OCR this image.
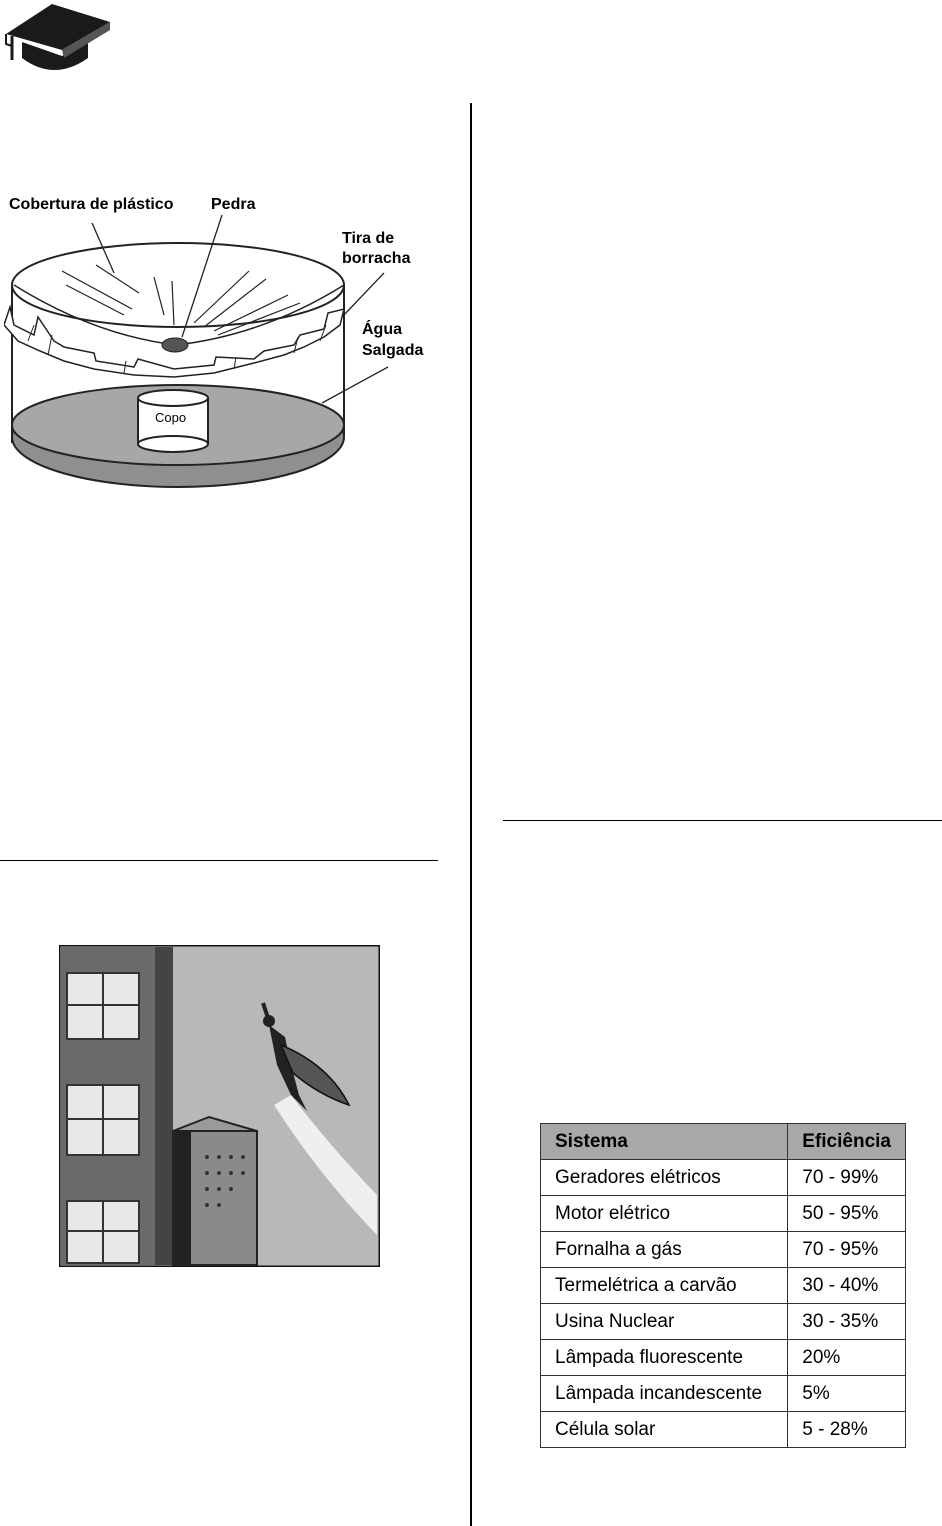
Cobertura de plástico Pedra
Tira de
borracha
Água
Salgada
Copo
Sistema	Eficiência
Geradores elétricos	70 - 99%
Motor elétrico	50 - 95%
Fornalha a gás	70 - 95%
Termelétrica a carvão	30 - 40%
Usina Nuclear	30 - 35%
Lâmpada fluorescente	20%
Lâmpada incandescente	5%
Célula solar	5 - 28%
